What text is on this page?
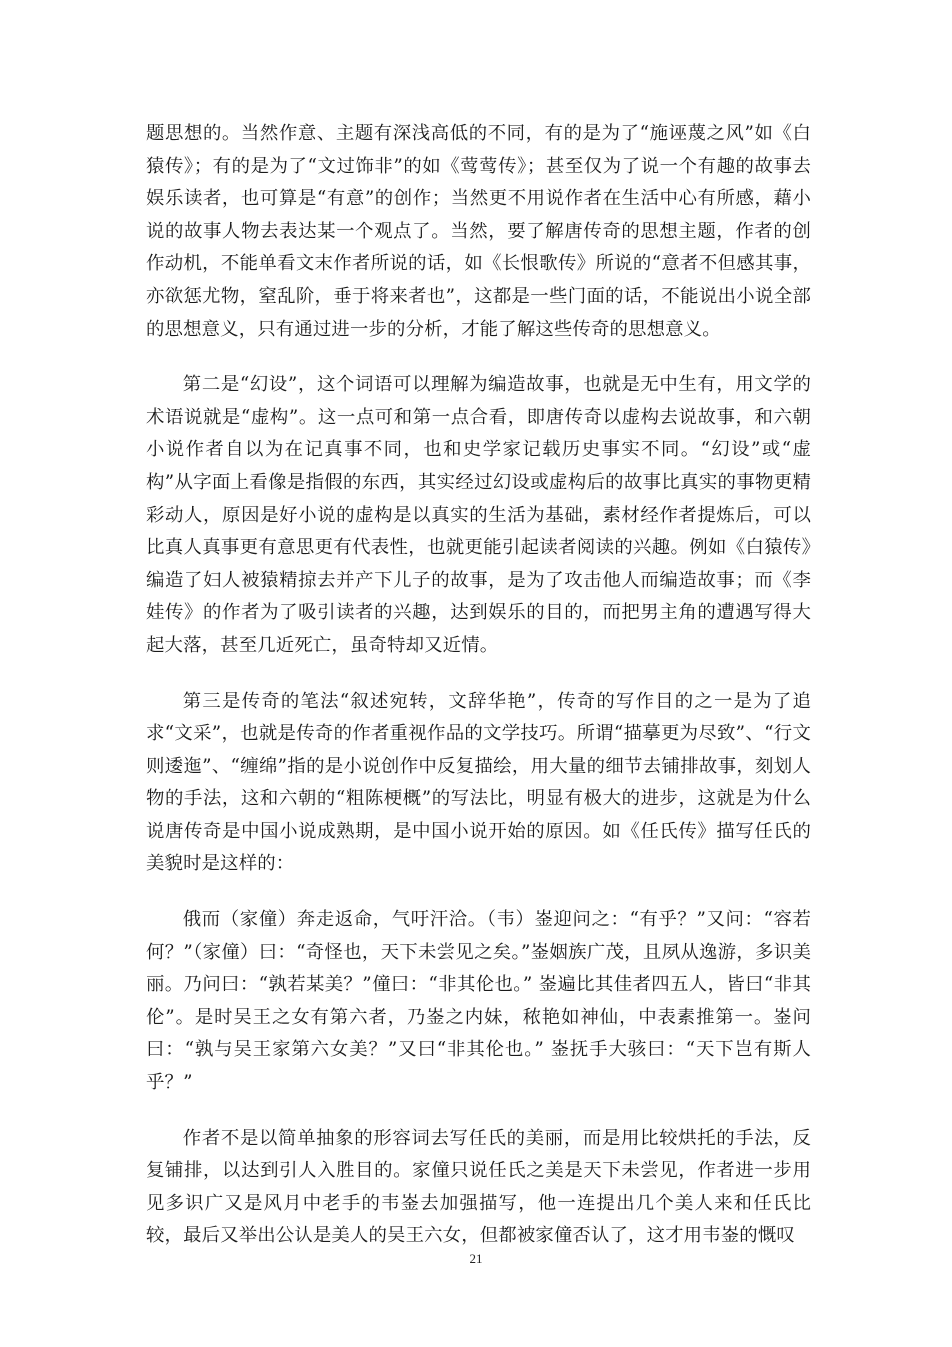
题思想的。当然作意、主题有深浅高低的不同，有的是为了“施诬蔑之风”如《白猿传》；有的是为了“文过饰非”的如《莺莺传》；甚至仅为了说一个有趣的故事去娱乐读者，也可算是“有意”的创作；当然更不用说作者在生活中心有所感，藉小说的故事人物去表达某一个观点了。当然，要了解唐传奇的思想主题，作者的创作动机，不能单看文末作者所说的话，如《长恨歌传》所说的“意者不但感其事，亦欲惩尤物，窒乱阶，垂于将来者也”，这都是一些门面的话，不能说出小说全部的思想意义，只有通过进一步的分析，才能了解这些传奇的思想意义。

第二是“幻设”，这个词语可以理解为编造故事，也就是无中生有，用文学的术语说就是“虚构”。这一点可和第一点合看，即唐传奇以虚构去说故事，和六朝小说作者自以为在记真事不同，也和史学家记载历史事实不同。“幻设”或“虚构”从字面上看像是指假的东西，其实经过幻设或虚构后的故事比真实的事物更精彩动人，原因是好小说的虚构是以真实的生活为基础，素材经作者提炼后，可以比真人真事更有意思更有代表性，也就更能引起读者阅读的兴趣。例如《白猿传》编造了妇人被猿精掠去并产下儿子的故事，是为了攻击他人而编造故事；而《李娃传》的作者为了吸引读者的兴趣，达到娱乐的目的，而把男主角的遭遇写得大起大落，甚至几近死亡，虽奇特却又近情。

第三是传奇的笔法“叙述宛转，文辞华艳”，传奇的写作目的之一是为了追求“文采”，也就是传奇的作者重视作品的文学技巧。所谓“描摹更为尽致”、“行文则逶迤”、“缠绵”指的是小说创作中反复描绘，用大量的细节去铺排故事，刻划人物的手法，这和六朝的“粗陈梗概”的写法比，明显有极大的进步，这就是为什么说唐传奇是中国小说成熟期，是中国小说开始的原因。如《任氏传》描写任氏的美貌时是这样的：

俄而（家僮）奔走返命，气吁汗洽。（韦）崟迎问之：“有乎？”又问：“容若何？”（家僮）曰：“奇怪也，天下未尝见之矣。”崟姻族广茂，且夙从逸游，多识美丽。乃问曰：“孰若某美？”僮曰：“非其伦也。” 崟遍比其佳者四五人，皆曰“非其伦”。是时吴王之女有第六者，乃崟之内妹，秾艳如神仙，中表素推第一。崟问曰：“孰与吴王家第六女美？”又曰“非其伦也。” 崟抚手大骇曰：“天下岂有斯人乎？”

作者不是以简单抽象的形容词去写任氏的美丽，而是用比较烘托的手法，反复铺排，以达到引人入胜目的。家僮只说任氏之美是天下未尝见，作者进一步用见多识广又是风月中老手的韦崟去加强描写，他一连提出几个美人来和任氏比较，最后又举出公认是美人的吴王六女，但都被家僮否认了，这才用韦崟的慨叹

21
